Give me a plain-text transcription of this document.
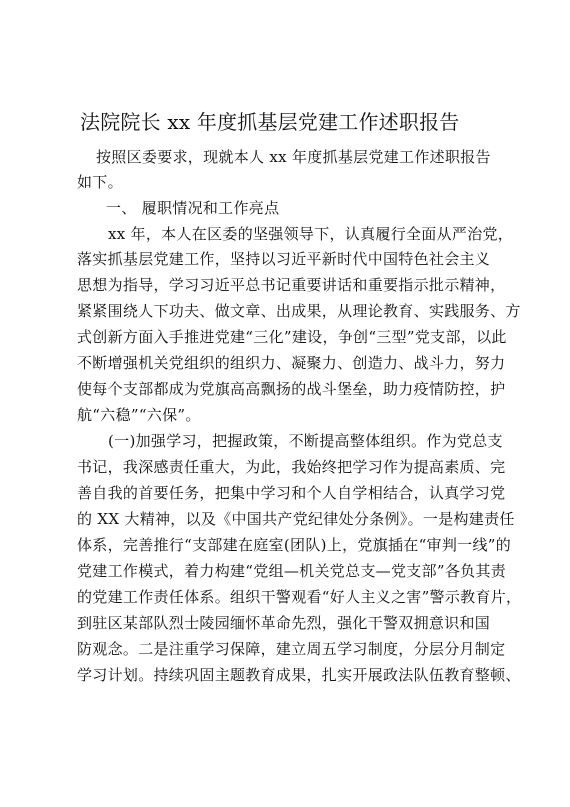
法院院长 xx 年度抓基层党建工作述职报告
按照区委要求，现就本人 xx 年度抓基层党建工作述职报告
如下。
一、 履职情况和工作亮点
xx 年，本人在区委的坚强领导下，认真履行全面从严治党，
落实抓基层党建工作，坚持以习近平新时代中国特色社会主义
思想为指导，学习习近平总书记重要讲话和重要指示批示精神，
紧紧围绕人下功夫、做文章、出成果，从理论教育、实践服务、方
式创新方面入手推进党建“三化”建设，争创“三型”党支部，以此
不断增强机关党组织的组织力、凝聚力、创造力、战斗力，努力
使每个支部都成为党旗高高飘扬的战斗堡垒，助力疫情防控，护
航“六稳”“六保”。
(一)加强学习，把握政策，不断提高整体组织。作为党总支
书记，我深感责任重大，为此，我始终把学习作为提高素质、完
善自我的首要任务，把集中学习和个人自学相结合，认真学习党
的 XX 大精神，以及《中国共产党纪律处分条例》。一是构建责任
体系，完善推行“支部建在庭室(团队)上，党旗插在“审判一线”的
党建工作模式，着力构建“党组—机关党总支—党支部”各负其责
的党建工作责任体系。组织干警观看“好人主义之害”警示教育片，
到驻区某部队烈士陵园缅怀革命先烈，强化干警双拥意识和国
防观念。二是注重学习保障，建立周五学习制度，分层分月制定
学习计划。持续巩固主题教育成果，扎实开展政法队伍教育整顿、
